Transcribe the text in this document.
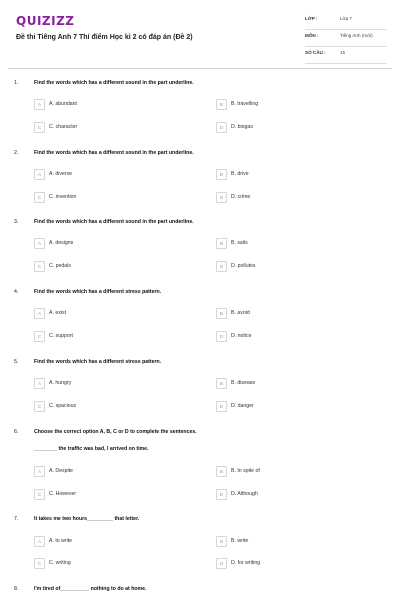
QUIZIZZ
Đề thi Tiếng Anh 7 Thí điểm Học kì 2 có đáp án (Đề 2)
LỚP :	Lớp 7
MÔN :	Tiếng Anh (mới)
SỐ CÂU :	15
1.	Find the words which has a different sound in the part underline.
A	A. abundant	B	B. travelling
C	C. character	D	D. biogas
2.	Find the words which has a different sound in the part underline.
A	A. diverse	B	B. drive
C	C. invention	D	D. crime
3.	Find the words which has a different sound in the part underline.
A	A. designs	B	B. sails
C	C. pedals	D	D. pollutes
4.	Find the words which has a different stress pattern.
A	A. exist	B	B. avoid
C	C. support	D	D. notice
5.	Find the words which has a different stress pattern.
A	A. hungry	B	B. disease
C	C. spacious	D	D. danger
6.	Choose the correct option A, B, C or D to complete the sentences.
________ the traffic was bad, I arrived on time.
A	A. Despite	B	B. In spite of
C	C. However	D	D. Although
7.	It takes me two hours_________ that letter.
A	A. to write	B	B. write
C	C. writing	D	D. for writing
8.	I'm tired of__________ nothing to do at home.
